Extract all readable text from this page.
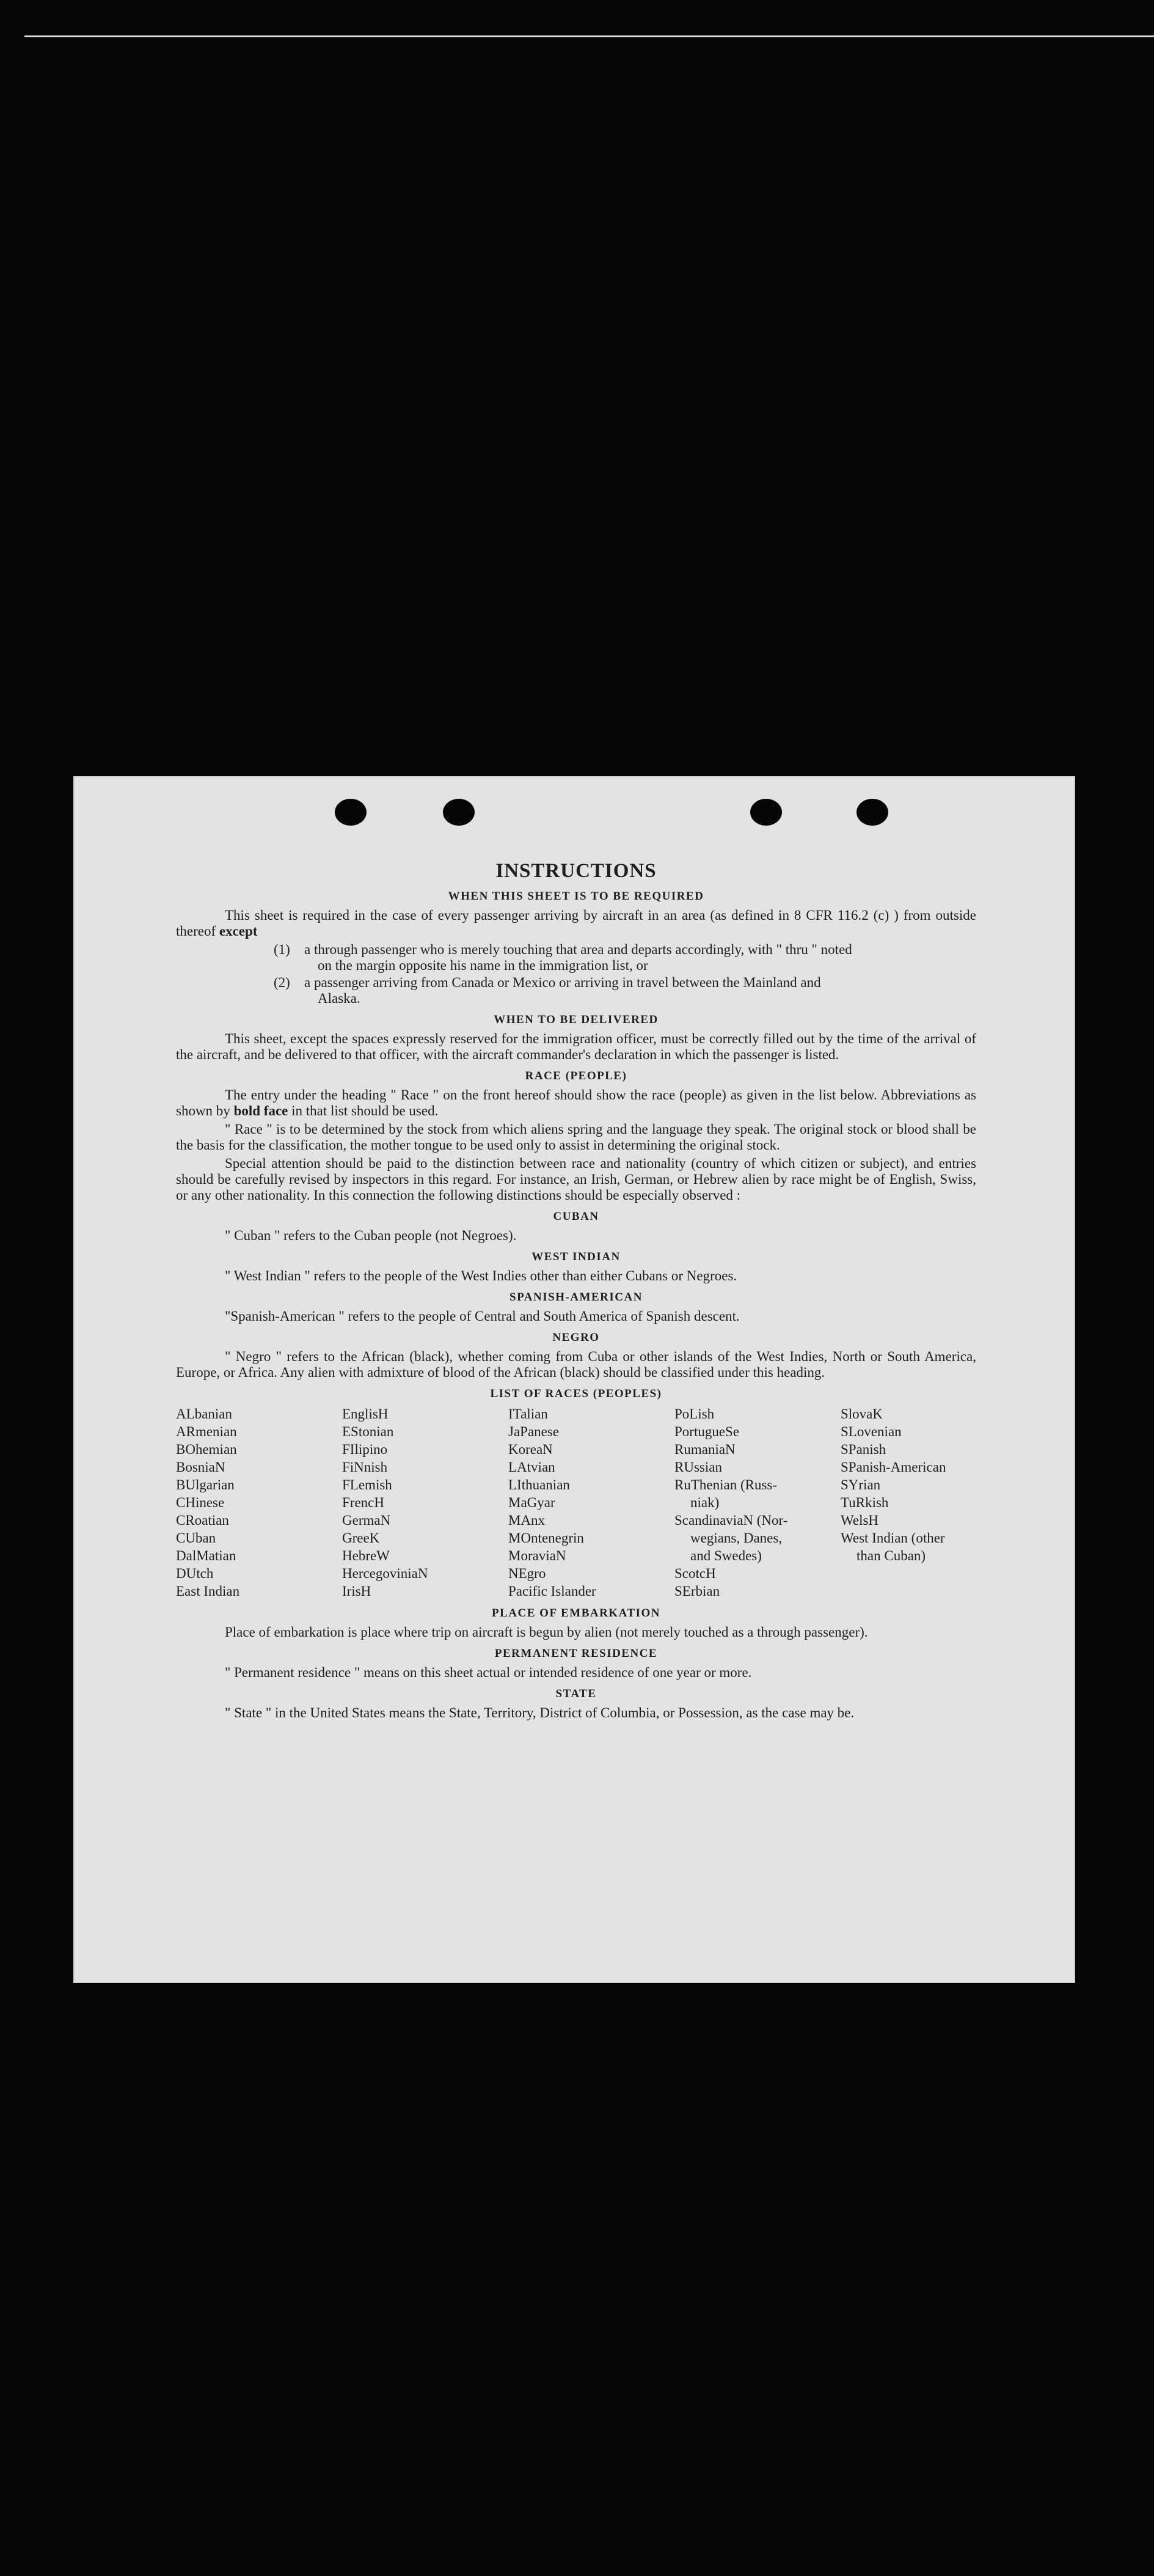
INSTRUCTIONS
WHEN THIS SHEET IS TO BE REQUIRED

This sheet is required in the case of every passenger arriving by aircraft in an area (as defined in 8 CFR 116.2 (c) ) from outside thereof except

(1)	a through passenger who is merely touching that area and departs accordingly, with " thru " noted
on the margin opposite his name in the immigration list, or
(2)	a passenger arriving from Canada or Mexico or arriving in travel between the Mainland and
Alaska.
WHEN TO BE DELIVERED

This sheet, except the spaces expressly reserved for the immigration officer, must be correctly filled out by the time of the arrival of the aircraft, and be delivered to that officer, with the aircraft commander's declaration in which the passenger is listed.

RACE (PEOPLE)

The entry under the heading " Race " on the front hereof should show the race (people) as given in the list below. Abbreviations as shown by bold face in that list should be used.

" Race " is to be determined by the stock from which aliens spring and the language they speak. The original stock or blood shall be the basis for the classification, the mother tongue to be used only to assist in determining the original stock.

Special attention should be paid to the distinction between race and nationality (country of which citizen or subject), and entries should be carefully revised by inspectors in this regard. For instance, an Irish, German, or Hebrew alien by race might be of English, Swiss, or any other nationality. In this connection the following distinctions should be especially observed :

CUBAN

" Cuban " refers to the Cuban people (not Negroes).

WEST INDIAN

" West Indian " refers to the people of the West Indies other than either Cubans or Negroes.

SPANISH-AMERICAN

"Spanish-American " refers to the people of Central and South America of Spanish descent.

NEGRO

" Negro " refers to the African (black), whether coming from Cuba or other islands of the West Indies, North or South America, Europe, or Africa. Any alien with admixture of blood of the African (black) should be classified under this heading.

LIST OF RACES (PEOPLES)
ALbanian
ARmenian
BOhemian
BosniaN
BUlgarian
CHinese
CRoatian
CUban
DalMatian
DUtch
East Indian
EnglisH
EStonian
FIlipino
FiNnish
FLemish
FrencH
GermaN
GreeK
HebreW
HercegoviniaN
IrisH
ITalian
JaPanese
KoreaN
LAtvian
LIthuanian
MaGyar
MAnx
MOntenegrin
MoraviaN
NEgro
Pacific Islander
PoLish
PortugueSe
RumaniaN
RUssian
RuThenian (Russ-
niak)
ScandinaviaN (Nor-
wegians, Danes,
and Swedes)
ScotcH
SErbian
SlovaK
SLovenian
SPanish
SPanish-American
SYrian
TuRkish
WelsH
West Indian (other
than Cuban)
PLACE OF EMBARKATION

Place of embarkation is place where trip on aircraft is begun by alien (not merely touched as a through passenger).

PERMANENT RESIDENCE

" Permanent residence " means on this sheet actual or intended residence of one year or more.

STATE

" State " in the United States means the State, Territory, District of Columbia, or Possession, as the case may be.
